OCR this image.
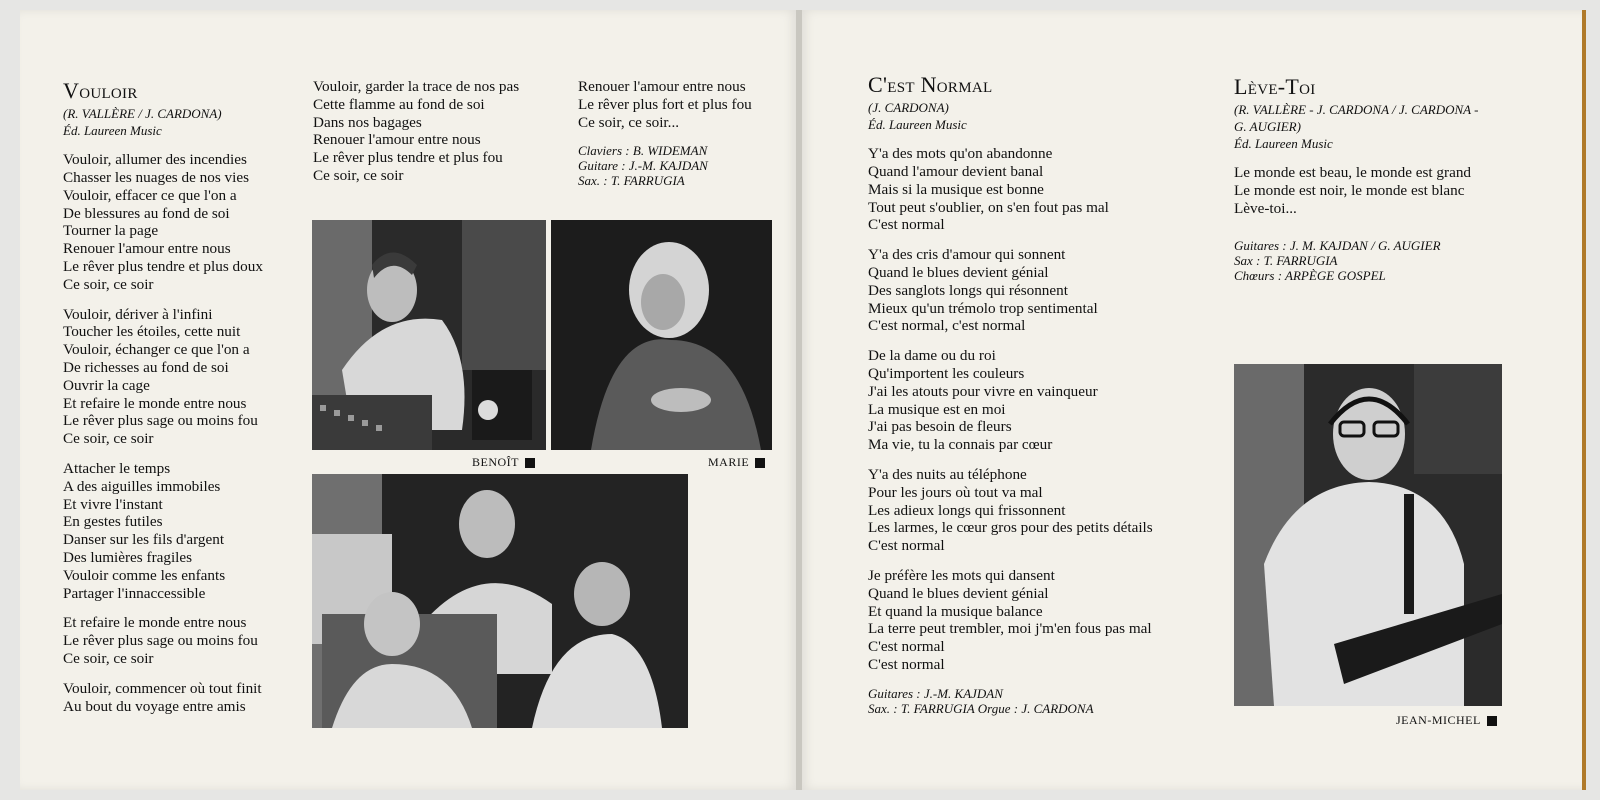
Vouloir
(R. VALLÈRE / J. CARDONA)
Éd. Laureen Music
Vouloir, allumer des incendies
Chasser les nuages de nos vies
Vouloir, effacer ce que l'on a
De blessures au fond de soi
Tourner la page
Renouer l'amour entre nous
Le rêver plus tendre et plus doux
Ce soir, ce soir
Vouloir, dériver à l'infini
Toucher les étoiles, cette nuit
Vouloir, échanger ce que l'on a
De richesses au fond de soi
Ouvrir la cage
Et refaire le monde entre nous
Le rêver plus sage ou moins fou
Ce soir, ce soir
Attacher le temps
A des aiguilles immobiles
Et vivre l'instant
En gestes futiles
Danser sur les fils d'argent
Des lumières fragiles
Vouloir comme les enfants
Partager l'innaccessible
Et refaire le monde entre nous
Le rêver plus sage ou moins fou
Ce soir, ce soir
Vouloir, commencer où tout finit
Au bout du voyage entre amis
Vouloir, garder la trace de nos pas
Cette flamme au fond de soi
Dans nos bagages
Renouer l'amour entre nous
Le rêver plus tendre et plus fou
Ce soir, ce soir
Renouer l'amour entre nous
Le rêver plus fort et plus fou
Ce soir, ce soir...
Claviers : B. WIDEMAN
Guitare : J.-M. KAJDAN
Sax. : T. FARRUGIA
BENOÎT	MARIE
C'est Normal
(J. CARDONA)
Éd. Laureen Music
Y'a des mots qu'on abandonne
Quand l'amour devient banal
Mais si la musique est bonne
Tout peut s'oublier, on s'en fout pas mal
C'est normal
Y'a des cris d'amour qui sonnent
Quand le blues devient génial
Des sanglots longs qui résonnent
Mieux qu'un trémolo trop sentimental
C'est normal, c'est normal
De la dame ou du roi
Qu'importent les couleurs
J'ai les atouts pour vivre en vainqueur
La musique est en moi
J'ai pas besoin de fleurs
Ma vie, tu la connais par cœur
Y'a des nuits au téléphone
Pour les jours où tout va mal
Les adieux longs qui frissonnent
Les larmes, le cœur gros pour des petits détails
C'est normal
Je préfère les mots qui dansent
Quand le blues devient génial
Et quand la musique balance
La terre peut trembler, moi j'm'en fous pas mal
C'est normal
C'est normal
Guitares : J.-M. KAJDAN
Sax. : T. FARRUGIA Orgue : J. CARDONA
Lève-Toi
(R. VALLÈRE - J. CARDONA / J. CARDONA -
G. AUGIER)
Éd. Laureen Music
Le monde est beau, le monde est grand
Le monde est noir, le monde est blanc
Lève-toi...
Guitares : J. M. KAJDAN / G. AUGIER
Sax : T. FARRUGIA
Chœurs : ARPÈGE GOSPEL
JEAN-MICHEL
